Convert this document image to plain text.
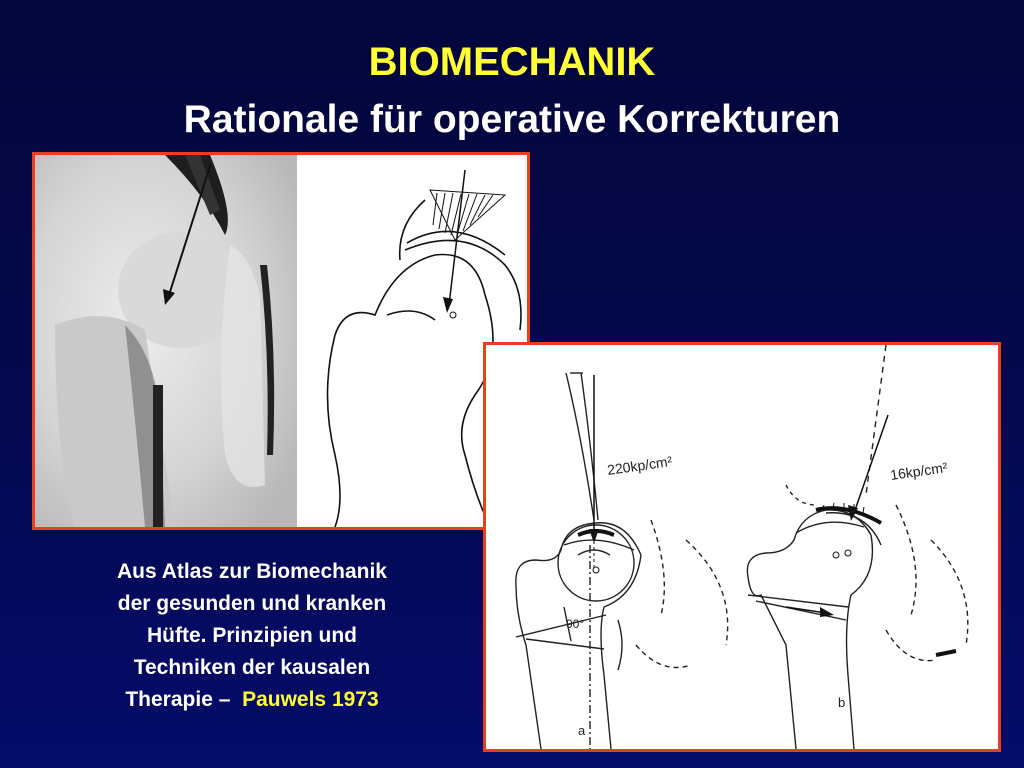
BIOMECHANIK
Rationale für operative Korrekturen
220kp/cm²	16kp/cm²
90°
a
b
Aus Atlas zur Biomechanik
der gesunden und kranken
Hüfte. Prinzipien und
Techniken der kausalen
Therapie – Pauwels 1973
